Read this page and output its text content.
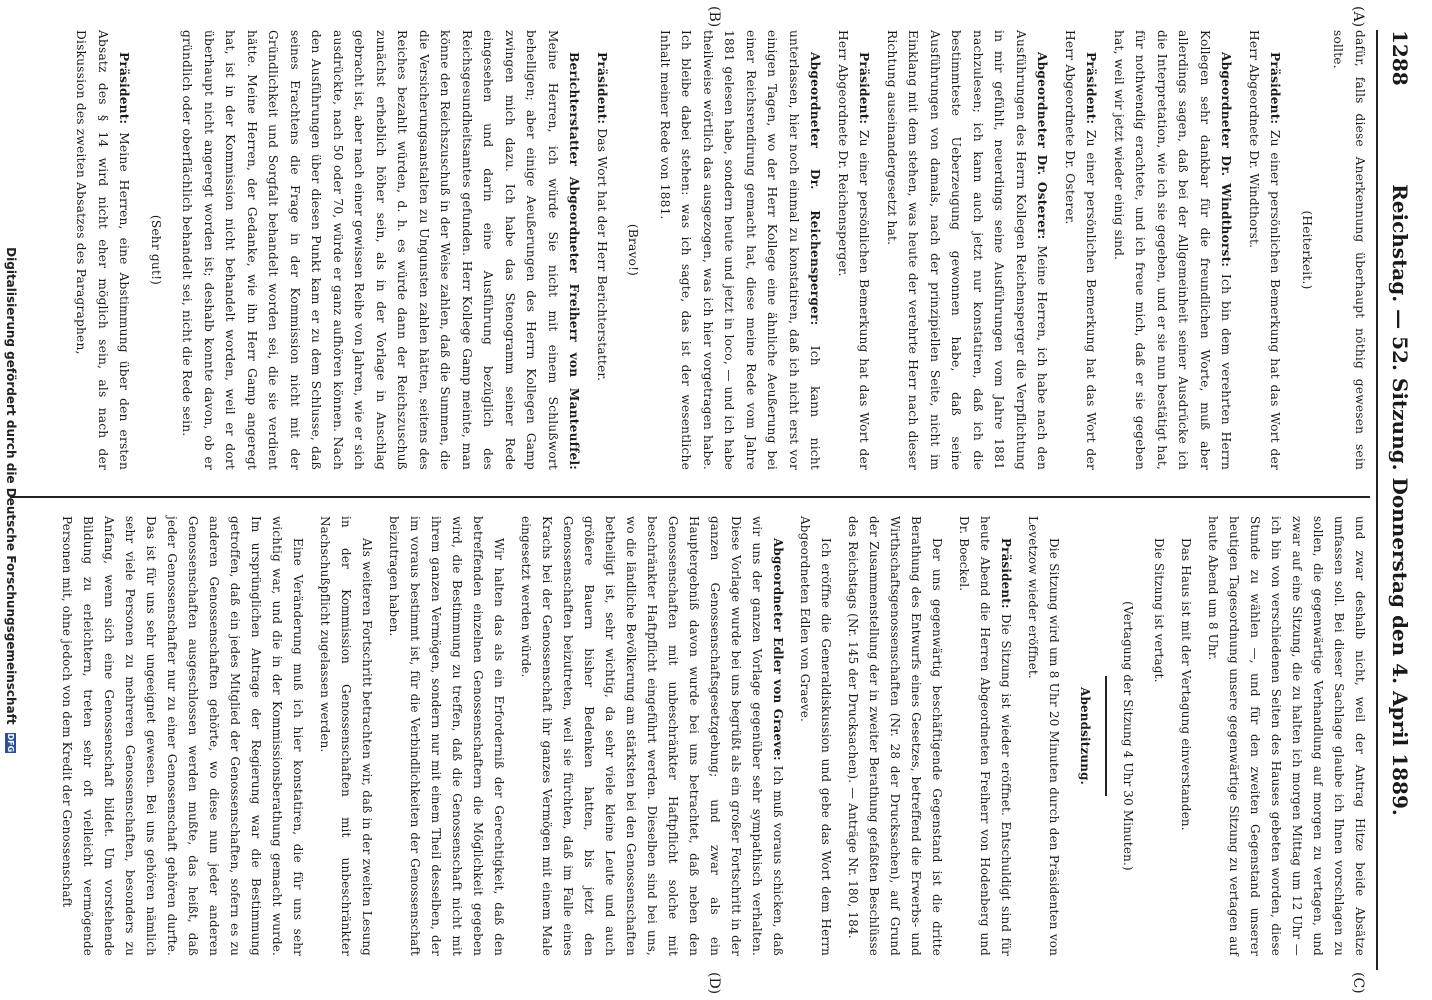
1288
Reichstag. — 52. Sitzung. Donnerstag den 4. April 1889.
(A)
(B)
(C)
(D)

dafür, falls diese Anerkennung überhaupt nöthig gewesen sein sollte.

(Heiterkeit.)

Präsident: Zu einer persönlichen Bemerkung hat das Wort der Herr Abgeordnete Dr. Windthorst.

Abgeordneter Dr. Windthorst: Ich bin dem verehrten Herrn Kollegen sehr dankbar für die freundlichen Worte, muß aber allerdings sagen, daß bei der Allgemeinheit seiner Ausdrücke ich die Interpretation, wie ich sie gegeben, und er sie nun bestätigt hat, für nothwendig erachtete, und ich freue mich, daß er sie gegeben hat, weil wir jetzt wieder einig sind.

Präsident: Zu einer persönlichen Bemerkung hat das Wort der Herr Abgeordnete Dr. Osterer.

Abgeordneter Dr. Osterer: Meine Herren, ich habe nach den Ausführungen des Herrn Kollegen Reichensperger die Verpflichtung in mir gefühlt, neuerdings seine Ausführungen vom Jahre 1881 nachzulesen; ich kann auch jetzt nur konstatiren, daß ich die bestimmteste Ueberzeugung gewonnen habe, daß seine Ausführungen von damals, nach der prinzipiellen Seite, nicht im Einklang mit dem stehen, was heute der verehrte Herr nach dieser Richtung auseinandergesetzt hat.

Präsident: Zu einer persönlichen Bemerkung hat das Wort der Herr Abgeordnete Dr. Reichensperger.

Abgeordneter Dr. Reichensperger: Ich kann nicht unterlassen, hier noch einmal zu konstatiren, daß ich nicht erst vor einigen Tagen, wo der Herr Kollege eine ähnliche Aeußerung bei einer Reichsrendirung gemacht hat, diese meine Rede vom Jahre 1881 gelesen habe, sondern heute und jetzt in loco, — und ich habe theilweise wörtlich das ausgezogen, was ich hier vorgetragen habe. Ich bleibe dabei stehen: was ich sagte, das ist der wesentliche Inhalt meiner Rede von 1881.

(Bravo!)

Präsident: Das Wort hat der Herr Berichterstatter.

Berichterstatter Abgeordneter Freiherr von Manteuffel: Meine Herren, ich würde Sie nicht mit einem Schlußwort behelligen; aber einige Aeußerungen des Herrn Kollegen Gamp zwingen mich dazu. Ich habe das Stenogramm seiner Rede eingesehen und darin eine Ausführung bezüglich des Reichsgesundheitsamtes gefunden. Herr Kollege Gamp meinte, man könne den Reichszuschuß in der Weise zahlen, daß die Summen, die die Versicherungsanstalten zu Ungunsten zahlen hätten, seitens des Reiches bezahlt würden, d. h. es würde dann der Reichszuschuß zunächst erheblich höher sein, als in der Vorlage in Anschlag gebracht ist, aber nach einer gewissen Reihe von Jahren, wie er sich ausdrückte, nach 50 oder 70, würde er ganz aufhören können. Nach den Ausführungen über diesen Punkt kam er zu dem Schlusse, daß seines Erachtens die Frage in der Kommission nicht mit der Gründlichkeit und Sorgfalt behandelt worden sei, die sie verdient hätte. Meine Herren, der Gedanke, wie ihn Herr Gamp angeregt hat, ist in der Kommission nicht behandelt worden, weil er dort überhaupt nicht angeregt worden ist; deshalb konnte davon, ob er gründlich oder oberflächlich behandelt sei, nicht die Rede sein.

(Sehr gut!)

Präsident: Meine Herren, eine Abstimmung über den ersten Absatz des § 14 wird nicht eher möglich sein, als nach der Diskussion des zweiten Absatzes des Paragraphen,

und zwar deshalb nicht, weil der Antrag Hitze beide Absätze umfassen soll. Bei dieser Sachlage glaube ich Ihnen vorschlagen zu sollen, die gegenwärtige Verhandlung auf morgen zu vertagen, und zwar auf eine Sitzung, die zu halten ich morgen Mittag um 12 Uhr — ich bin von verschiedenen Seiten des Hauses gebeten worden, diese Stunde zu wählen —, und für den zweiten Gegenstand unserer heutigen Tagesordnung unsere gegenwärtige Sitzung zu vertagen auf heute Abend um 8 Uhr.

Das Haus ist mit der Vertagung einverstanden.

Die Sitzung ist vertagt.

(Vertagung der Sitzung 4 Uhr 30 Minuten.)

Abendsitzung.

Die Sitzung wird um 8 Uhr 20 Minuten durch den Präsidenten von Levetzow wieder eröffnet.

Präsident: Die Sitzung ist wieder eröffnet. Entschuldigt sind für heute Abend die Herren Abgeordneten Freiherr von Hodenberg und Dr. Boeckel.

Der uns gegenwärtig beschäftigende Gegenstand ist die dritte Berathung des Entwurfs eines Gesetzes, betreffend die Erwerbs- und Wirthschaftsgenossenschaften (Nr. 28 der Drucksachen), auf Grund der Zusammenstellung der in zweiter Berathung gefaßten Beschlüsse des Reichstags (Nr. 145 der Drucksachen). — Anträge Nr. 180, 184.

Ich eröffne die Generaldiskussion und gebe das Wort dem Herrn Abgeordneten Edlen von Graeve.

Abgeordneter Edler von Graeve: Ich muß voraus schicken, daß wir uns der ganzen Vorlage gegenüber sehr sympathisch verhalten. Diese Vorlage wurde bei uns begrüßt als ein großer Fortschritt in der ganzen Genossenschaftsgesetzgebung; und zwar als ein Hauptergebniß davon wurde bei uns betrachtet, daß neben den Genossenschaften mit unbeschränkter Haftpflicht solche mit beschränkter Haftpflicht eingeführt werden. Dieselben sind bei uns, wo die ländliche Bevölkerung am stärksten bei den Genossenschaften betheiligt ist, sehr wichtig, da sehr viele kleine Leute und auch größere Bauern bisher Bedenken hatten, bis jetzt den Genossenschaften beizutreten, weil sie fürchten, daß im Falle eines Krachs bei der Genossenschaft ihr ganzes Vermögen mit einem Male eingesetzt werden würde.

Wir halten das als ein Erforderniß der Gerechtigkeit, daß den betreffenden einzelnen Genossenschaftern die Möglichkeit gegeben wird, die Bestimmung zu treffen, daß die Genossenschaft nicht mit ihrem ganzen Vermögen, sondern nur mit einem Theil desselben, der im voraus bestimmt ist, für die Verbindlichkeiten der Genossenschaft beizutragen haben.

Als weiteren Fortschritt betrachten wir, daß in der zweiten Lesung in der Kommission Genossenschaften mit unbeschränkter Nachschußpflicht zugelassen werden.

Eine Veränderung muß ich hier konstatiren, die für uns sehr wichtig war, und die in der Kommissionsberathung gemacht wurde. Im ursprünglichen Antrage der Regierung war die Bestimmung getroffen, daß ein jedes Mitglied der Genossenschaften, sofern es zu anderen Genossenschaften gehörte, wo diese nun jeder anderen Genossenschaften ausgeschlossen werden mußte, das heißt, daß jeder Genossenschafter nur zu einer Genossenschaft gehören durfte. Das ist für uns sehr ungeeignet gewesen. Bei uns gehören nämlich sehr viele Personen zu mehreren Genossenschaften, besonders zu Anfang, wenn sich eine Genossenschaft bildet. Um vorstehende Bildung zu erleichtern, treten sehr oft vielleicht vermögende Personen mit, ohne jedoch von dem Kredit der Genossenschaft

Digitalisierung gefördert durch die Deutsche Forschungsgemeinschaft DFG
